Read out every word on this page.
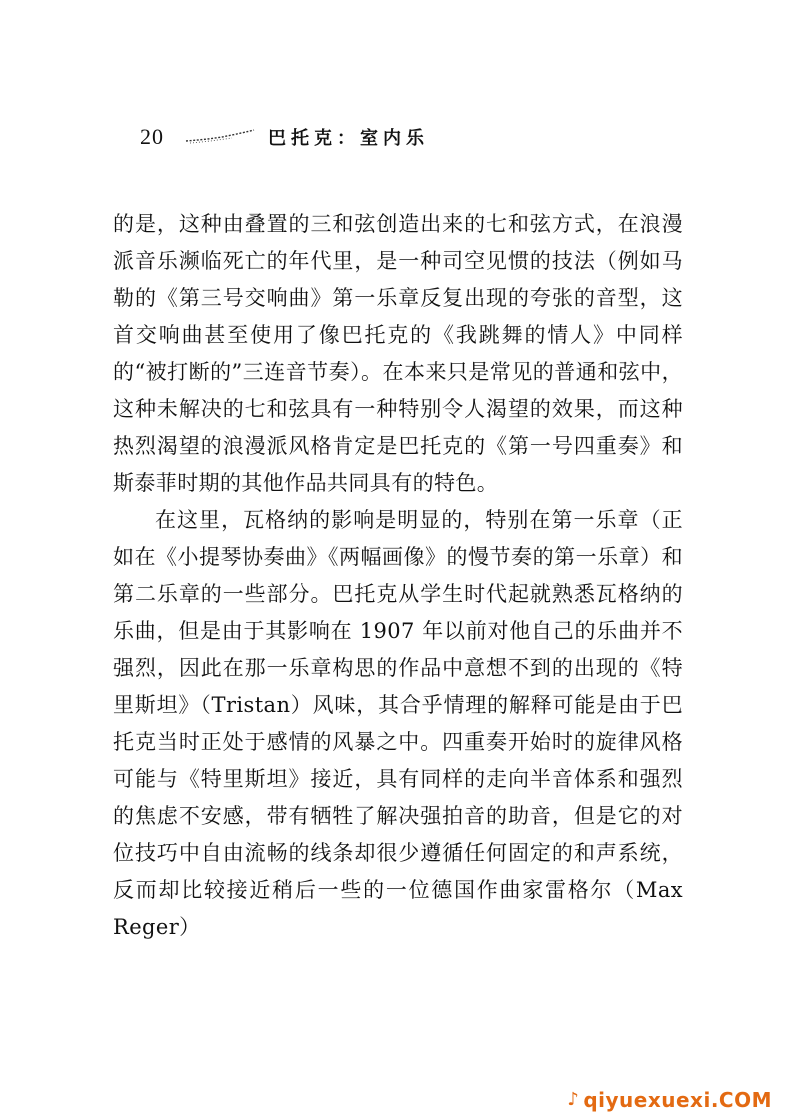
20	巴托克：室内乐

的是，这种由叠置的三和弦创造出来的七和弦方式，在浪漫派音乐濒临死亡的年代里，是一种司空见惯的技法（例如马勒的《第三号交响曲》第一乐章反复出现的夸张的音型，这首交响曲甚至使用了像巴托克的《我跳舞的情人》中同样的“被打断的”三连音节奏）。在本来只是常见的普通和弦中，这种未解决的七和弦具有一种特别令人渴望的效果，而这种热烈渴望的浪漫派风格肯定是巴托克的《第一号四重奏》和斯泰菲时期的其他作品共同具有的特色。

在这里，瓦格纳的影响是明显的，特别在第一乐章（正如在《小提琴协奏曲》《两幅画像》的慢节奏的第一乐章）和第二乐章的一些部分。巴托克从学生时代起就熟悉瓦格纳的乐曲，但是由于其影响在 1907 年以前对他自己的乐曲并不强烈，因此在那一乐章构思的作品中意想不到的出现的《特里斯坦》（Tristan）风味，其合乎情理的解释可能是由于巴托克当时正处于感情的风暴之中。四重奏开始时的旋律风格可能与《特里斯坦》接近，具有同样的走向半音体系和强烈的焦虑不安感，带有牺牲了解决强拍音的助音，但是它的对位技巧中自由流畅的线条却很少遵循任何固定的和声系统，反而却比较接近稍后一些的一位德国作曲家雷格尔（Max Reger）

♪ qiyuexuexi.COM
